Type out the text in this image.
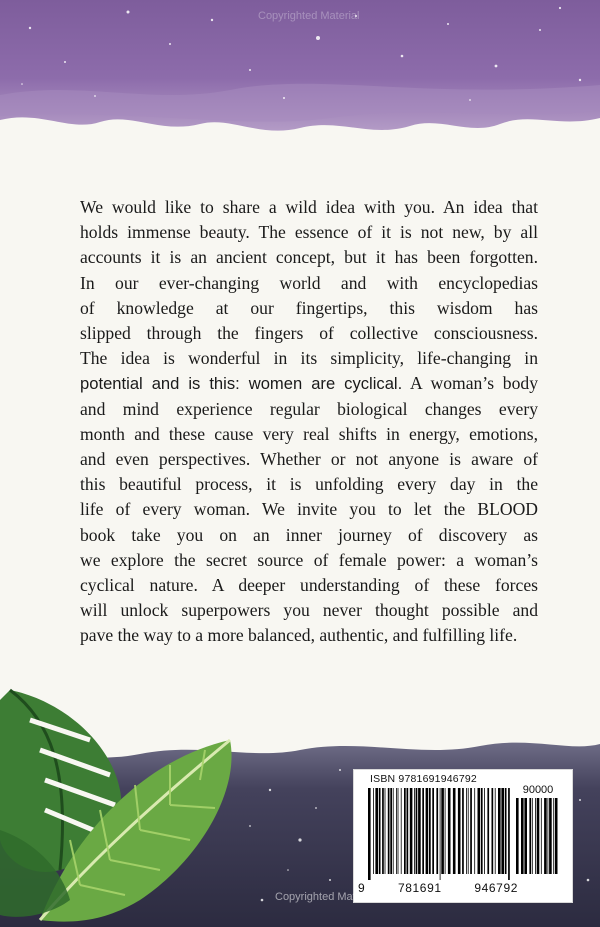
Copyrighted Material

We would like to share a wild idea with you. An idea that
holds immense beauty. The essence of it is not new, by all
accounts it is an ancient concept, but it has been forgotten.
In our ever-changing world and with encyclopedias
of knowledge at our fingertips, this wisdom has
slipped through the fingers of collective consciousness.
The idea is wonderful in its simplicity, life-changing in
potential and is this: women are cyclical. A woman’s body
and mind experience regular biological changes every
month and these cause very real shifts in energy, emotions,
and even perspectives. Whether or not anyone is aware of
this beautiful process, it is unfolding every day in the
life of every woman. We invite you to let the BLOOD
book take you on an inner journey of discovery as
we explore the secret source of female power: a woman’s
cyclical nature. A deeper understanding of these forces
will unlock superpowers you never thought possible and
pave the way to a more balanced, authentic, and fulfilling life.

ISBN 9781691946792
90000
9	781691	946792
Copyrighted Material
